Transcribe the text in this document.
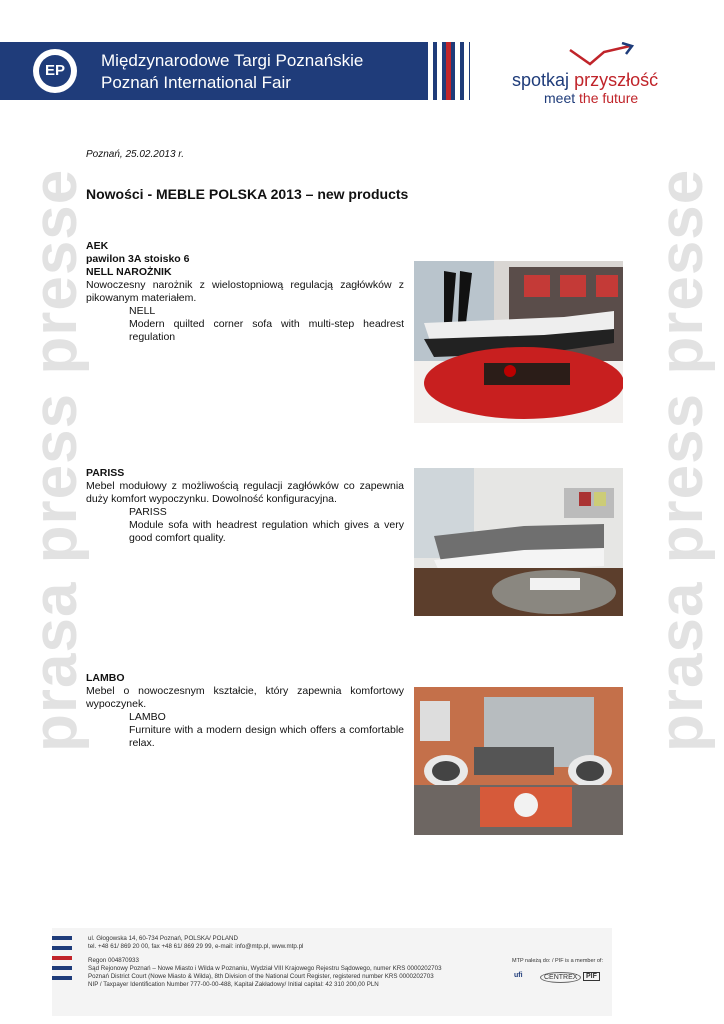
EP
Międzynarodowe Targi Poznańskie
Poznań International Fair	spotkaj przyszłość
meet the future
prasa press presse	prasa press presse
Poznań, 25.02.2013 r.
Nowości - MEBLE POLSKA 2013 – new products
AEK
pawilon 3A stoisko 6
NELL NAROŻNIK
Nowoczesny narożnik z wielostopniową regulacją zagłówków z pikowanym materiałem.
NELL
Modern quilted corner sofa with multi-step headrest regulation
PARISS
Mebel modułowy z możliwością regulacji zagłówków co zapewnia duży komfort wypoczynku. Dowolność konfiguracyjna.
PARISS
Module sofa with headrest regulation which gives a very good comfort quality.
LAMBO
Mebel o nowoczesnym kształcie, który zapewnia komfortowy wypoczynek.
LAMBO
Furniture with a modern design which offers a comfortable relax.
ul. Głogowska 14, 60-734 Poznań, POLSKA/ POLAND
tel. +48 61/ 869 20 00, fax +48 61/ 869 29 99, e-mail: info@mtp.pl, www.mtp.pl
Regon 004870933
Sąd Rejonowy Poznań – Nowe Miasto i Wilda w Poznaniu, Wydział VIII Krajowego Rejestru Sądowego, numer KRS 0000202703
Poznań District Court (Nowe Miasto & Wilda), 8th Division of the National Court Register, registered number KRS 0000202703
NIP / Taxpayer Identification Number 777-00-00-488, Kapitał Zakładowy/ Initial capital: 42 310 200,00 PLN
MTP należą do: / PIF is a member of:
ufi	CENTREX	PIF
